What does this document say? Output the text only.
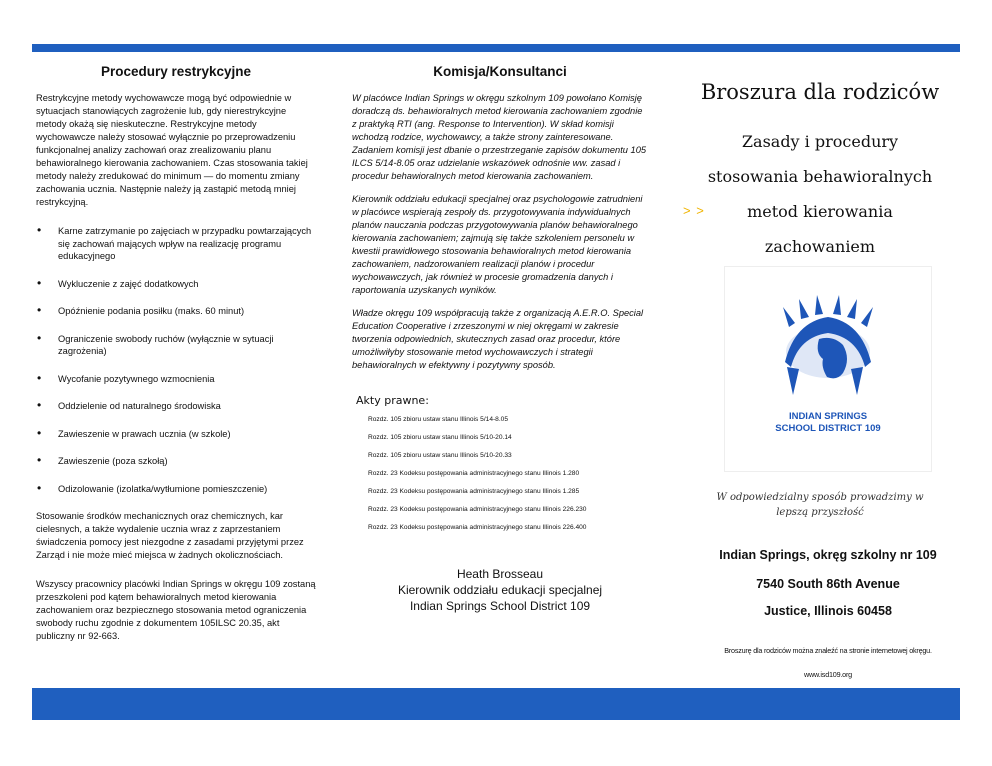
Procedury restrykcyjne

Restrykcyjne metody wychowawcze mogą być odpowiednie w sytuacjach stanowiących zagrożenie lub, gdy nierestrykcyjne metody okażą się nieskuteczne. Restrykcyjne metody wychowawcze należy stosować wyłącznie po przeprowadzeniu funkcjonalnej analizy zachowań oraz zrealizowaniu planu behawioralnego kierowania zachowaniem. Czas stosowania takiej metody należy zredukować do minimum — do momentu zmiany zachowania ucznia. Następnie należy ją zastąpić metodą mniej restrykcyjną.

• Karne zatrzymanie po zajęciach w przypadku powtarzających się zachowań mających wpływ na realizację programu edukacyjnego
• Wykluczenie z zajęć dodatkowych
• Opóźnienie podania posiłku (maks. 60 minut)
• Ograniczenie swobody ruchów (wyłącznie w sytuacji zagrożenia)
• Wycofanie pozytywnego wzmocnienia
• Oddzielenie od naturalnego środowiska
• Zawieszenie w prawach ucznia (w szkole)
• Zawieszenie (poza szkołą)
• Odizolowanie (izolatka/wytłumione pomieszczenie)

Stosowanie środków mechanicznych oraz chemicznych, kar cielesnych, a także wydalenie ucznia wraz z zaprzestaniem świadczenia pomocy jest niezgodne z zasadami przyjętymi przez Zarząd i nie może mieć miejsca w żadnych okolicznościach.

Wszyscy pracownicy placówki Indian Springs w okręgu 109 zostaną przeszkoleni pod kątem behawioralnych metod kierowania zachowaniem oraz bezpiecznego stosowania metod ograniczenia swobody ruchu zgodnie z dokumentem 105ILSC 20.35, akt publiczny nr 92-663.

Komisja/Konsultanci

W placówce Indian Springs w okręgu szkolnym 109 powołano Komisję doradczą ds. behawioralnych metod kierowania zachowaniem zgodnie z praktyką RTI (ang. Response to Intervention). W skład komisji wchodzą rodzice, wychowawcy, a także strony zainteresowane. Zadaniem komisji jest dbanie o przestrzeganie zapisów dokumentu 105 ILCS 5/14-8.05 oraz udzielanie wskazówek odnośnie ww. zasad i procedur behawioralnych metod kierowania zachowaniem.

Kierownik oddziału edukacji specjalnej oraz psychologowie zatrudnieni w placówce wspierają zespoły ds. przygotowywania indywidualnych planów nauczania podczas przygotowywania planów behawioralnego kierowania zachowaniem; zajmują się także szkoleniem personelu w kwestii prawidłowego stosowania behawioralnych metod kierowania zachowaniem, nadzorowaniem realizacji planów i procedur wychowawczych, jak również w procesie gromadzenia danych i raportowania uzyskanych wyników.

Władze okręgu 109 współpracują także z organizacją A.E.R.O. Special Education Cooperative i zrzeszonymi w niej okręgami w zakresie tworzenia odpowiednich, skutecznych zasad oraz procedur, które umożliwiłyby stosowanie metod wychowawczych i strategii behawioralnych w efektywny i pozytywny sposób.

Akty prawne:
Rozdz. 105 zbioru ustaw stanu Illinois 5/14-8.05
Rozdz. 105 zbioru ustaw stanu Illinois 5/10-20.14
Rozdz. 105 zbioru ustaw stanu Illinois 5/10-20.33
Rozdz. 23 Kodeksu postępowania administracyjnego stanu Illinois 1.280
Rozdz. 23 Kodeksu postępowania administracyjnego stanu Illinois 1.285
Rozdz. 23 Kodeksu postępowania administracyjnego stanu Illinois 226.230
Rozdz. 23 Kodeksu postępowania administracyjnego stanu Illinois 226.400
Heath Brosseau
Kierownik oddziału edukacji specjalnej
Indian Springs School District 109
Broszura dla rodziców
Zasady i procedury
stosowania behawioralnych
metod kierowania
zachowaniem
> >
INDIAN SPRINGS
SCHOOL DISTRICT 109
W odpowiedzialny sposób prowadzimy w lepszą przyszłość
Indian Springs, okręg szkolny nr 109
7540 South 86th Avenue
Justice, Illinois 60458
Broszurę dla rodziców można znaleźć na stronie internetowej okręgu.
www.isd109.org
